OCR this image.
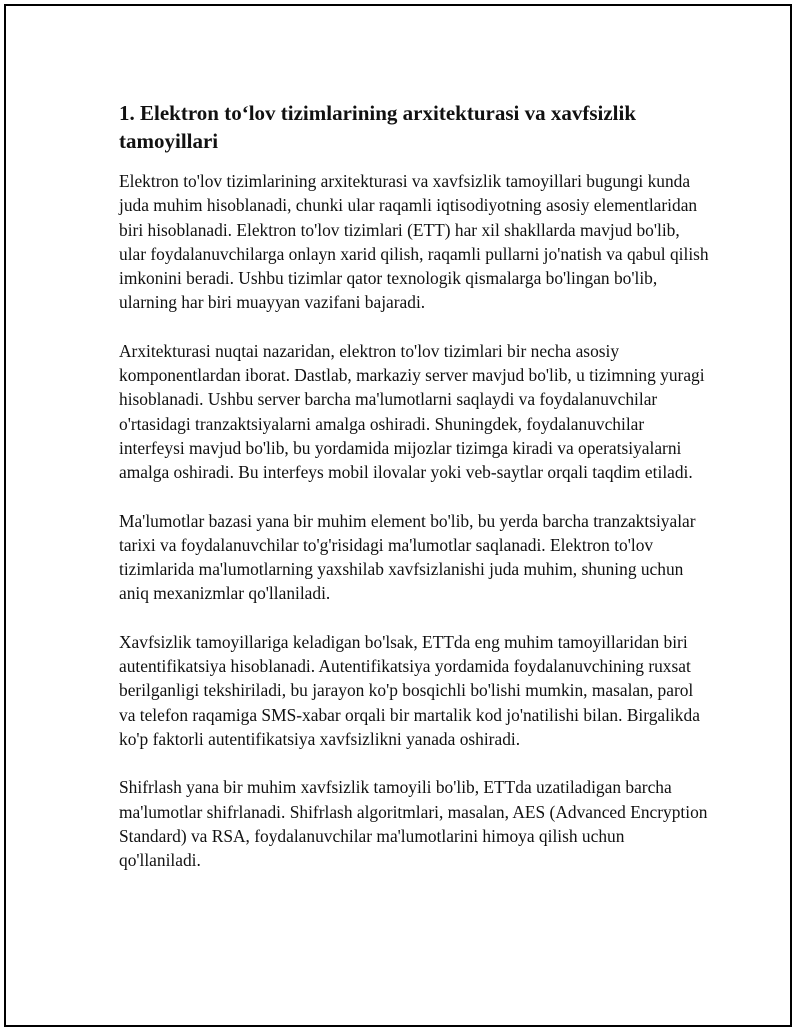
1. Elektron to‘lov tizimlarining arxitekturasi va xavfsizlik tamoyillari

Elektron to'lov tizimlarining arxitekturasi va xavfsizlik tamoyillari bugungi kunda juda muhim hisoblanadi, chunki ular raqamli iqtisodiyotning asosiy elementlaridan biri hisoblanadi. Elektron to'lov tizimlari (ETT) har xil shakllarda mavjud bo'lib, ular foydalanuvchilarga onlayn xarid qilish, raqamli pullarni jo'natish va qabul qilish imkonini beradi. Ushbu tizimlar qator texnologik qismalarga bo'lingan bo'lib, ularning har biri muayyan vazifani bajaradi.

Arxitekturasi nuqtai nazaridan, elektron to'lov tizimlari bir necha asosiy komponentlardan iborat. Dastlab, markaziy server mavjud bo'lib, u tizimning yuragi hisoblanadi. Ushbu server barcha ma'lumotlarni saqlaydi va foydalanuvchilar o'rtasidagi tranzaktsiyalarni amalga oshiradi. Shuningdek, foydalanuvchilar interfeysi mavjud bo'lib, bu yordamida mijozlar tizimga kiradi va operatsiyalarni amalga oshiradi. Bu interfeys mobil ilovalar yoki veb-saytlar orqali taqdim etiladi.

Ma'lumotlar bazasi yana bir muhim element bo'lib, bu yerda barcha tranzaktsiyalar tarixi va foydalanuvchilar to'g'risidagi ma'lumotlar saqlanadi. Elektron to'lov tizimlarida ma'lumotlarning yaxshilab xavfsizlanishi juda muhim, shuning uchun aniq mexanizmlar qo'llaniladi.

Xavfsizlik tamoyillariga keladigan bo'lsak, ETTda eng muhim tamoyillaridan biri autentifikatsiya hisoblanadi. Autentifikatsiya yordamida foydalanuvchining ruxsat berilganligi tekshiriladi, bu jarayon ko'p bosqichli bo'lishi mumkin, masalan, parol va telefon raqamiga SMS-xabar orqali bir martalik kod jo'natilishi bilan. Birgalikda ko'p faktorli autentifikatsiya xavfsizlikni yanada oshiradi.

Shifrlash yana bir muhim xavfsizlik tamoyili bo'lib, ETTda uzatiladigan barcha ma'lumotlar shifrlanadi. Shifrlash algoritmlari, masalan, AES (Advanced Encryption Standard) va RSA, foydalanuvchilar ma'lumotlarini himoya qilish uchun qo'llaniladi.
